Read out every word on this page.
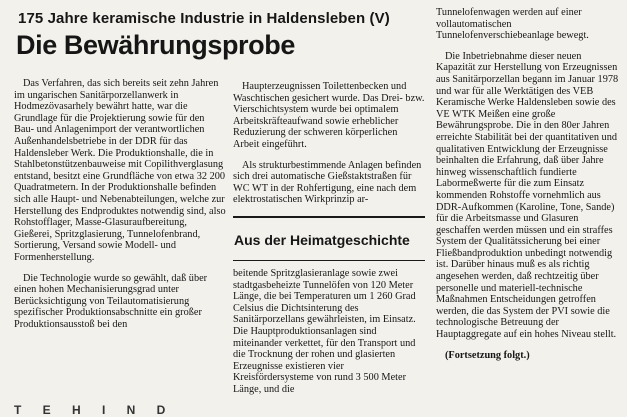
175 Jahre keramische Industrie in Haldensleben (V)
Die Bewährungsprobe

Das Verfahren, das sich bereits seit zehn Jahren im ungarischen Sanitärporzellanwerk in Hodmezövasarhely bewährt hatte, war die Grundlage für die Projektierung sowie für den Bau- und Anlagenimport der verantwortlichen Außenhandelsbetriebe in der DDR für das Haldensleber Werk. Die Produktionshalle, die in Stahlbetonstützenbauweise mit Copilithverglasung entstand, besitzt eine Grundfläche von etwa 32 200 Quadratmetern. In der Produktionshalle befinden sich alle Haupt- und Nebenabteilungen, welche zur Herstellung des Endproduktes notwendig sind, also Rohstofflager, Masse-Glasuraufbereitung, Gießerei, Spritzglasierung, Tunnelofenbrand, Sortierung, Versand sowie Modell- und Formenherstellung.

Die Technologie wurde so gewählt, daß über einen hohen Mechanisierungsgrad unter Berücksichtigung von Teilautomatisierung spezifischer Produktionsabschnitte ein großer Produktionsausstoß bei den

Haupterzeugnissen Toilettenbecken und Waschtischen gesichert wurde. Das Drei- bzw. Vierschichtsystem wurde bei optimalem Arbeitskräfteaufwand sowie erheblicher Reduzierung der schweren körperlichen Arbeit eingeführt.

Als strukturbestimmende Anlagen befinden sich drei automatische Gießstaktstraßen für WC WT in der Rohfertigung, eine nach dem elektrostatischen Wirkprinzip ar-

Aus der Heimatgeschichte

beitende Spritzglasieranlage sowie zwei stadtgasbeheizte Tunnelöfen von 120 Meter Länge, die bei Temperaturen um 1 260 Grad Celsius die Dichtsinterung des Sanitärporzellans gewährleisten, im Einsatz. Die Hauptproduktionsanlagen sind miteinander verkettet, für den Transport und die Trocknung der rohen und glasierten Erzeugnisse existieren vier Kreisfördersysteme von rund 3 500 Meter Länge, und die

Tunnelofenwagen werden auf einer vollautomatischen Tunnelofenverschiebeanlage bewegt.

Die Inbetriebnahme dieser neuen Kapazität zur Herstellung von Erzeugnissen aus Sanitärporzellan begann im Januar 1978 und war für alle Werktätigen des VEB Keramische Werke Haldensleben sowie des VE WTK Meißen eine große Bewährungsprobe. Die in den 80er Jahren erreichte Stabilität bei der quantitativen und qualitativen Entwicklung der Erzeugnisse beinhalten die Erfahrung, daß über Jahre hinweg wissenschaftlich fundierte Labormeßwerte für die zum Einsatz kommenden Rohstoffe vornehmlich aus DDR-Aufkommen (Karoline, Tone, Sande) für die Arbeitsmasse und Glasuren geschaffen werden müssen und ein straffes System der Qualitätssicherung bei einer Fließbandproduktion unbedingt notwendig ist. Darüber hinaus muß es als richtig angesehen werden, daß rechtzeitig über personelle und materiell-technische Maßnahmen Entscheidungen getroffen werden, die das System der PVI sowie die technologische Betreuung der Hauptaggregate auf ein hohes Niveau stellt.

(Fortsetzung folgt.)

T E H I N D
